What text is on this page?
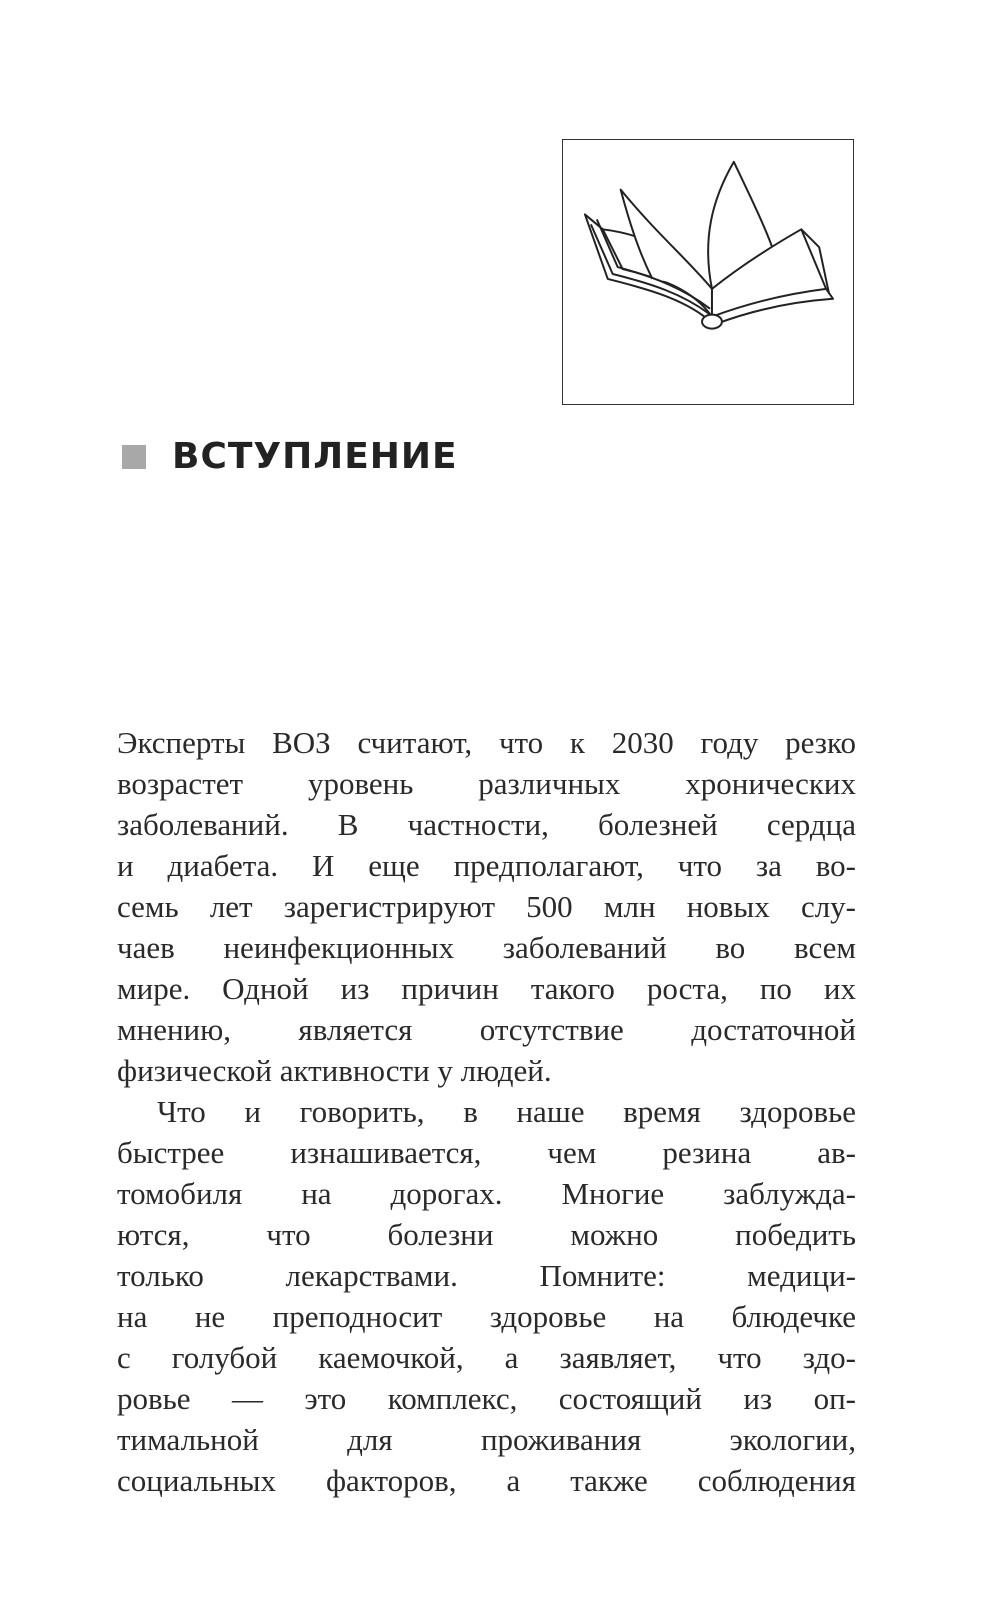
ВСТУПЛЕНИЕ
Эксперты ВОЗ считают, что к 2030 году резко
возрастет уровень различных хронических
заболеваний. В частности, болезней сердца
и диабета. И еще предполагают, что за во-
семь лет зарегистрируют 500 млн новых слу-
чаев неинфекционных заболеваний во всем
мире. Одной из причин такого роста, по их
мнению, является отсутствие достаточной
физической активности у людей.
Что и говорить, в наше время здоровье
быстрее изнашивается, чем резина ав-
томобиля на дорогах. Многие заблужда-
ются, что болезни можно победить
только лекарствами. Помните: медици-
на не преподносит здоровье на блюдечке
с голубой каемочкой, а заявляет, что здо-
ровье — это комплекс, состоящий из оп-
тимальной для проживания экологии,
социальных факторов, а также соблюдения
